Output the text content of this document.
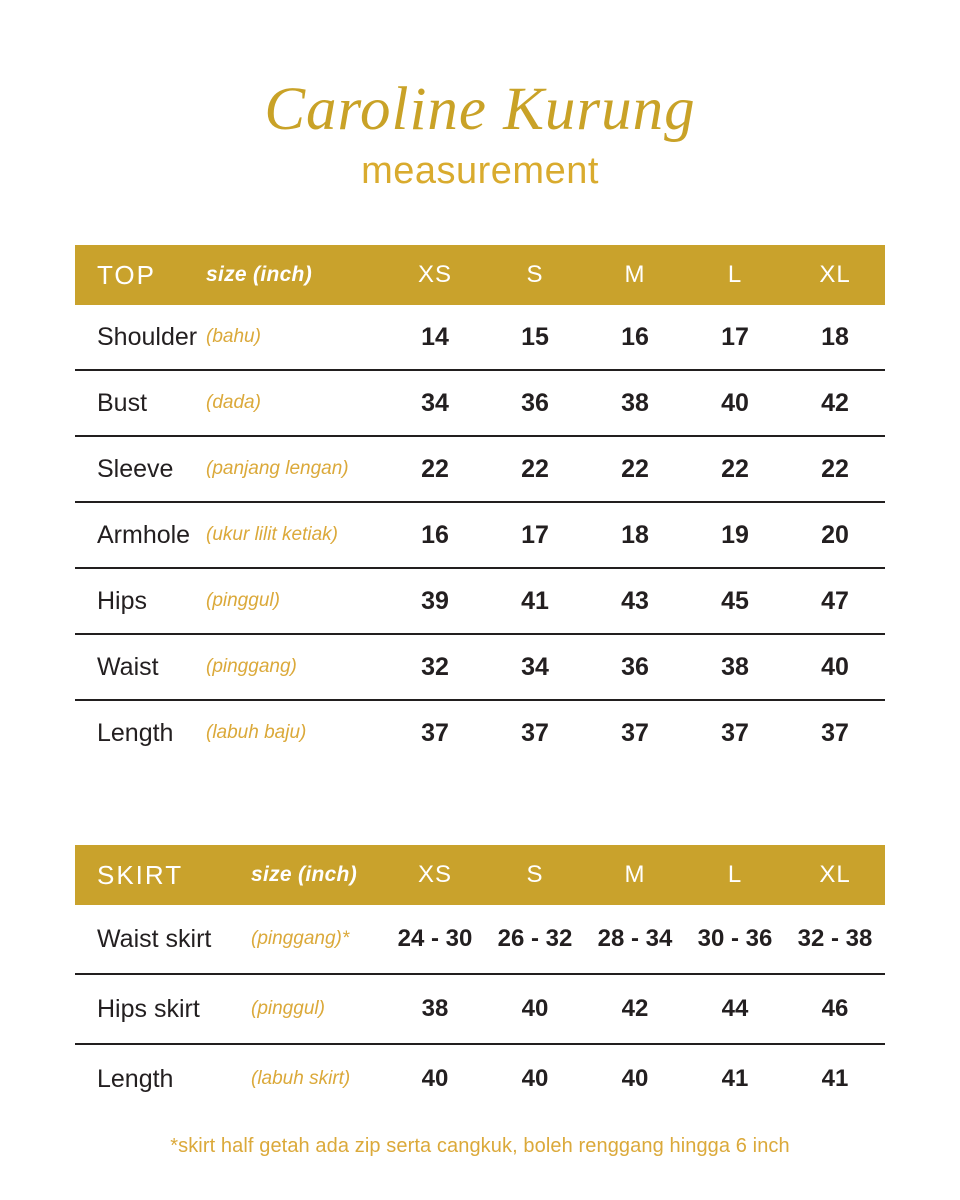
Caroline Kurung
measurement
TOP	size (inch)	XS	S	M	L	XL
Shoulder	(bahu)	14	15	16	17	18
Bust	(dada)	34	36	38	40	42
Sleeve	(panjang lengan)	22	22	22	22	22
Armhole	(ukur lilit ketiak)	16	17	18	19	20
Hips	(pinggul)	39	41	43	45	47
Waist	(pinggang)	32	34	36	38	40
Length	(labuh baju)	37	37	37	37	37
SKIRT	size (inch)	XS	S	M	L	XL
Waist skirt	(pinggang)*	24 - 30	26 - 32	28 - 34	30 - 36	32 - 38
Hips skirt	(pinggul)	38	40	42	44	46
Length	(labuh skirt)	40	40	40	41	41
*skirt half getah ada zip serta cangkuk, boleh renggang hingga 6 inch
